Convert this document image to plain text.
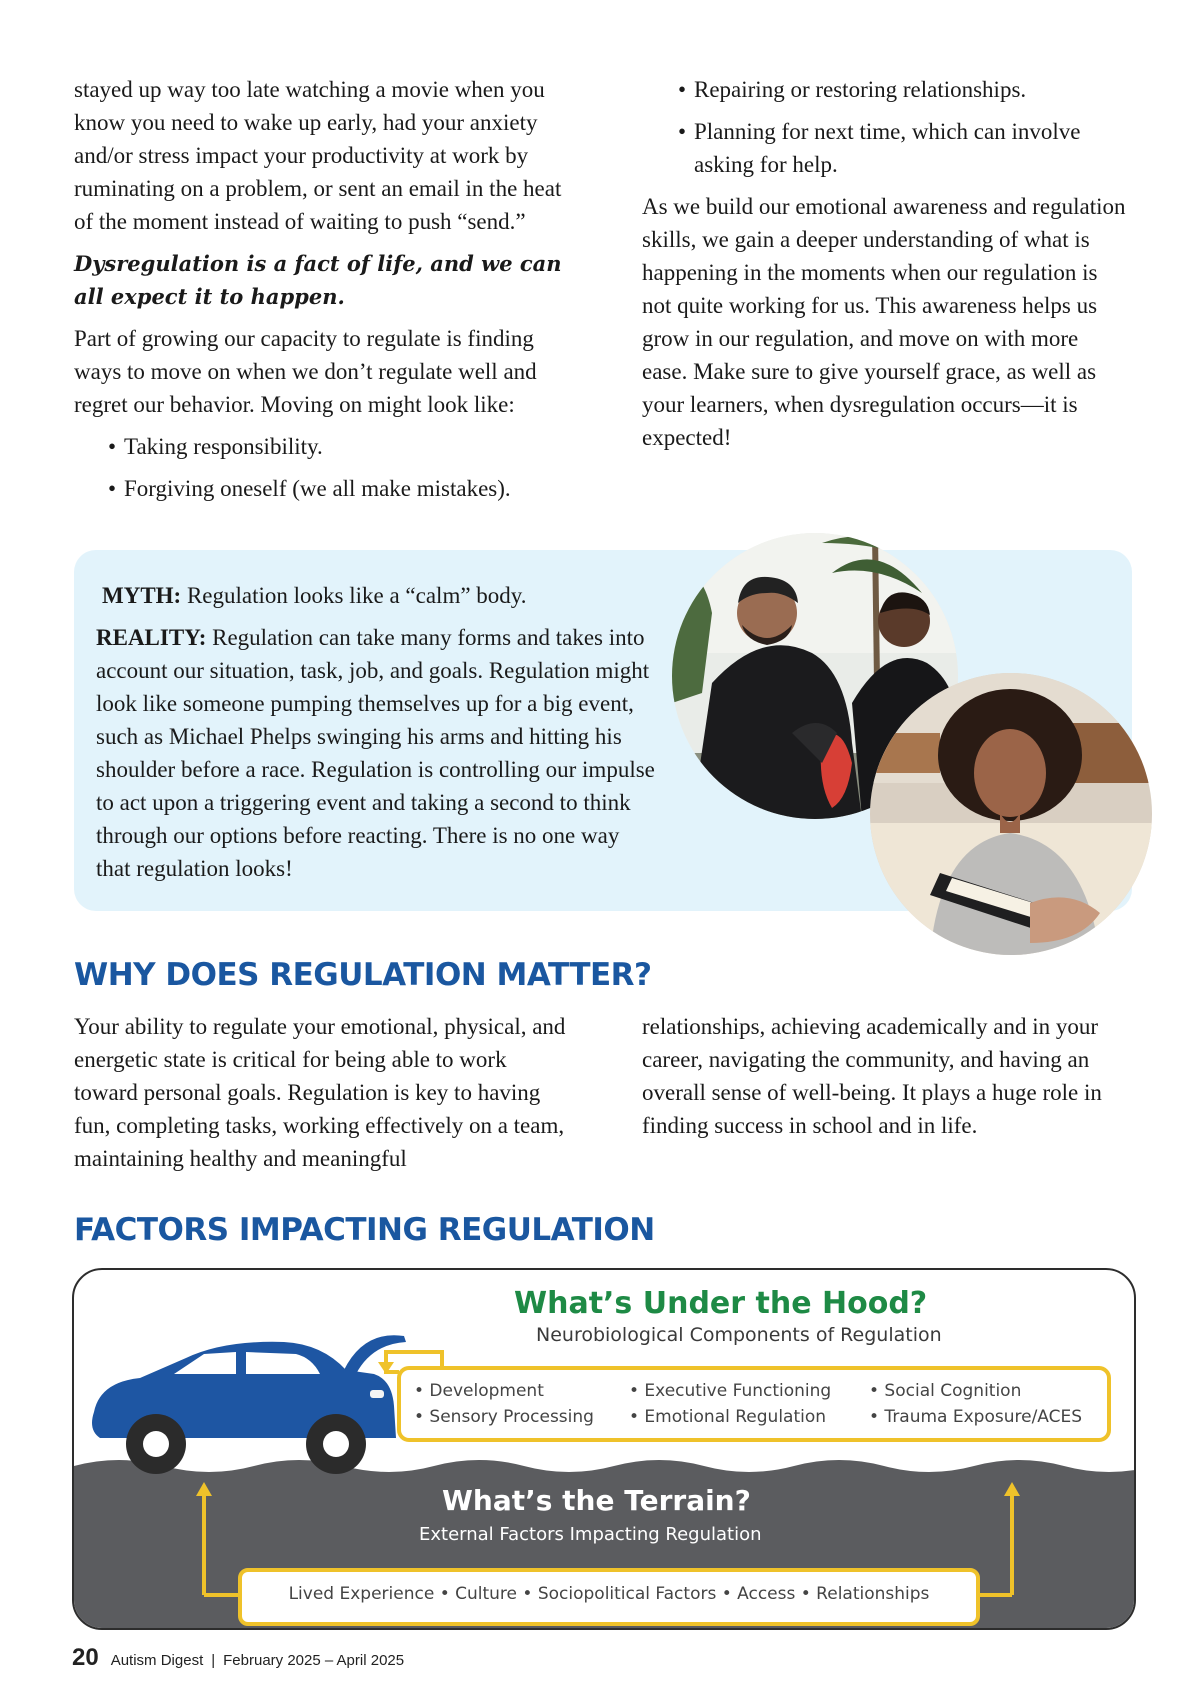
stayed up way too late watching a movie when you know you need to wake up early, had your anxiety and/or stress impact your productivity at work by ruminating on a problem, or sent an email in the heat of the moment instead of waiting to push “send.”

Dysregulation is a fact of life, and we can all expect it to happen.

Part of growing our capacity to regulate is finding ways to move on when we don’t regulate well and regret our behavior. Moving on might look like:

• Taking responsibility.
• Forgiving oneself (we all make mistakes).
• Repairing or restoring relationships.
• Planning for next time, which can involve asking for help.

As we build our emotional awareness and regulation skills, we gain a deeper understanding of what is happening in the moments when our regulation is not quite working for us. This awareness helps us grow in our regulation, and move on with more ease. Make sure to give yourself grace, as well as your learners, when dysregulation occurs—it is expected!

MYTH: Regulation looks like a “calm” body.

REALITY: Regulation can take many forms and takes into account our situation, task, job, and goals. Regulation might look like someone pumping themselves up for a big event, such as Michael Phelps swinging his arms and hitting his shoulder before a race. Regulation is controlling our impulse to act upon a triggering event and taking a second to think through our options before reacting. There is no one way that regulation looks!

WHY DOES REGULATION MATTER?

Your ability to regulate your emotional, physical, and energetic state is critical for being able to work toward personal goals. Regulation is key to having fun, completing tasks, working effectively on a team, maintaining healthy and meaningful

relationships, achieving academically and in your career, navigating the community, and having an overall sense of well-being. It plays a huge role in finding success in school and in life.

FACTORS IMPACTING REGULATION
What’s Under the Hood?
Neurobiological Components of Regulation
• Development
• Sensory Processing
• Executive Functioning
• Emotional Regulation
• Social Cognition
• Trauma Exposure/ACES
What’s the Terrain?
External Factors Impacting Regulation
Lived Experience • Culture • Sociopolitical Factors • Access • Relationships
20 Autism Digest | February 2025 – April 2025
